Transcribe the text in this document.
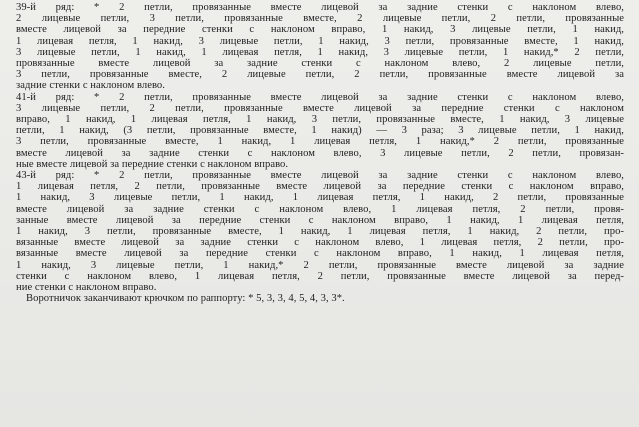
39-й ряд: * 2 петли, провязанные вместе лицевой за задние стенки с наклоном влево,
2 лицевые петли, 3 петли, провязанные вместе, 2 лицевые петли, 2 петли, провязанные
вместе лицевой за передние стенки с наклоном вправо, 1 накид, 3 лицевые петли, 1 накид,
1 лицевая петля, 1 накид, 3 лицевые петли, 1 накид, 3 петли, провязанные вместе, 1 накид,
3 лицевые петли, 1 накид, 1 лицевая петля, 1 накид, 3 лицевые петли, 1 накид,* 2 петли,
провязанные вместе лицевой за задние стенки с наклоном влево, 2 лицевые петли,
3 петли, провязанные вместе, 2 лицевые петли, 2 петли, провязанные вместе лицевой за
задние стенки с наклоном влево.
41-й ряд: * 2 петли, провязанные вместе лицевой за задние стенки с наклоном влево,
3 лицевые петли, 2 петли, провязанные вместе лицевой за передние стенки с наклоном
вправо, 1 накид, 1 лицевая петля, 1 накид, 3 петли, провязанные вместе, 1 накид, 3 лицевые
петли, 1 накид, (3 петли, провязанные вместе, 1 накид) — 3 раза; 3 лицевые петли, 1 накид,
3 петли, провязанные вместе, 1 накид, 1 лицевая петля, 1 накид,* 2 петли, провязанные
вместе лицевой за задние стенки с наклоном влево, 3 лицевые петли, 2 петли, провязан-
ные вместе лицевой за передние стенки с наклоном вправо.
43-й ряд: * 2 петли, провязанные вместе лицевой за задние стенки с наклоном влево,
1 лицевая петля, 2 петли, провязанные вместе лицевой за передние стенки с наклоном вправо,
1 накид, 3 лицевые петли, 1 накид, 1 лицевая петля, 1 накид, 2 петли, провязанные
вместе лицевой за задние стенки с наклоном влево, 1 лицевая петля, 2 петли, провя-
занные вместе лицевой за передние стенки с наклоном вправо, 1 накид, 1 лицевая петля,
1 накид, 3 петли, провязанные вместе, 1 накид, 1 лицевая петля, 1 накид, 2 петли, про-
вязанные вместе лицевой за задние стенки с наклоном влево, 1 лицевая петля, 2 петли, про-
вязанные вместе лицевой за передние стенки с наклоном вправо, 1 накид, 1 лицевая петля,
1 накид, 3 лицевые петли, 1 накид,* 2 петли, провязанные вместе лицевой за задние
стенки с наклоном влево, 1 лицевая петля, 2 петли, провязанные вместе лицевой за перед-
ние стенки с наклоном вправо.
Воротничок заканчивают крючком по раппорту: * 5, 3, 3, 4, 5, 4, 3, 3*.
